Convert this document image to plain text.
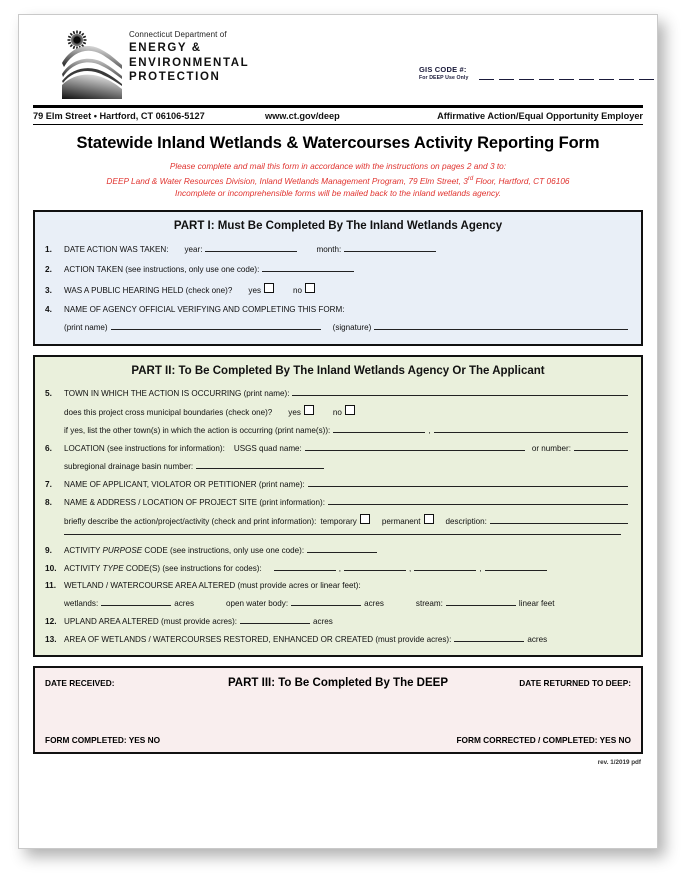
Connecticut Department of
ENERGY &
ENVIRONMENTAL
PROTECTION
GIS CODE #:
For DEEP Use Only
79 Elm Street • Hartford, CT 06106-5127	www.ct.gov/deep	Affirmative Action/Equal Opportunity Employer
Statewide Inland Wetlands & Watercourses Activity Reporting Form
Please complete and mail this form in accordance with the instructions on pages 2 and 3 to:
DEEP Land & Water Resources Division, Inland Wetlands Management Program, 79 Elm Street, 3rd Floor, Hartford, CT 06106
Incomplete or incomprehensible forms will be mailed back to the inland wetlands agency.
PART I: Must Be Completed By The Inland Wetlands Agency
1.	DATE ACTION WAS TAKEN: year:	month:
2.	ACTION TAKEN (see instructions, only use one code):
3.	WAS A PUBLIC HEARING HELD (check one)? yes	no
4.	NAME OF AGENCY OFFICIAL VERIFYING AND COMPLETING THIS FORM:
(print name)	(signature)
PART II: To Be Completed By The Inland Wetlands Agency Or The Applicant
5.	TOWN IN WHICH THE ACTION IS OCCURRING (print name):
does this project cross municipal boundaries (check one)? yes	no
if yes, list the other town(s) in which the action is occurring (print name(s)):	,
6.	LOCATION (see instructions for information): USGS quad name:	or number:
subregional drainage basin number:
7.	NAME OF APPLICANT, VIOLATOR OR PETITIONER (print name):
8.	NAME & ADDRESS / LOCATION OF PROJECT SITE (print information):
briefly describe the action/project/activity (check and print information): temporary	permanent	description:
9.	ACTIVITY PURPOSE CODE (see instructions, only use one code):
10. ACTIVITY TYPE CODE(S) (see instructions for codes):	,	,	,
11. WETLAND / WATERCOURSE AREA ALTERED (must provide acres or linear feet):
wetlands:	acres	open water body:	acres	stream:	linear feet
12. UPLAND AREA ALTERED (must provide acres):	acres
13. AREA OF WETLANDS / WATERCOURSES RESTORED, ENHANCED OR CREATED (must provide acres):	acres
DATE RECEIVED:	PART III: To Be Completed By The DEEP	DATE RETURNED TO DEEP:
FORM COMPLETED: YES NO	FORM CORRECTED / COMPLETED: YES NO
rev. 1/2019 pdf
